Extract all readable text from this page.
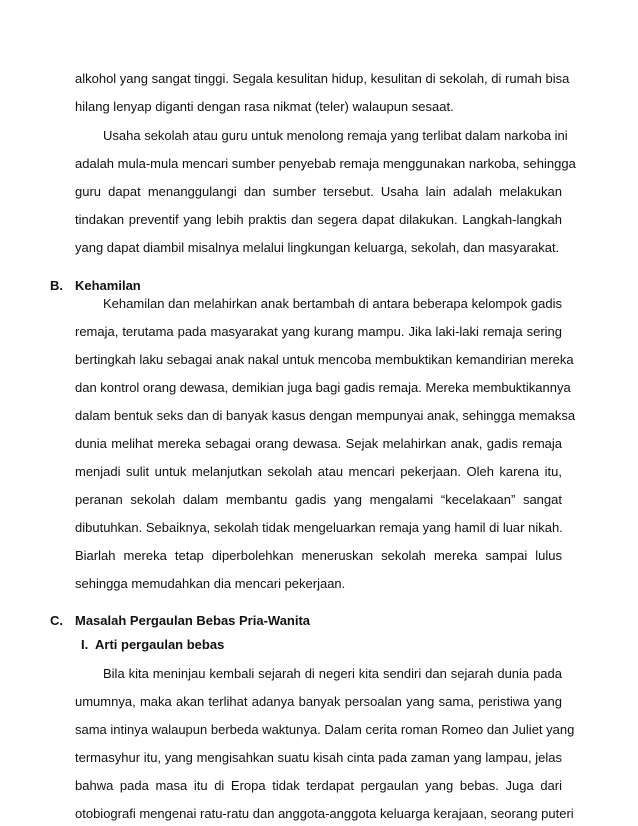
alkohol yang sangat tinggi. Segala kesulitan hidup, kesulitan di sekolah, di rumah bisa
hilang lenyap diganti dengan rasa nikmat (teler) walaupun sesaat.
Usaha sekolah atau guru untuk menolong remaja yang terlibat dalam narkoba ini
adalah mula-mula mencari sumber penyebab remaja menggunakan narkoba, sehingga
guru dapat menanggulangi dan sumber tersebut. Usaha lain adalah melakukan
tindakan preventif yang lebih praktis dan segera dapat dilakukan. Langkah-langkah
yang dapat diambil misalnya melalui lingkungan keluarga, sekolah, dan masyarakat.
B. Kehamilan
Kehamilan dan melahirkan anak bertambah di antara beberapa kelompok gadis
remaja, terutama pada masyarakat yang kurang mampu. Jika laki-laki remaja sering
bertingkah laku sebagai anak nakal untuk mencoba membuktikan kemandirian mereka
dan kontrol orang dewasa, demikian juga bagi gadis remaja. Mereka membuktikannya
dalam bentuk seks dan di banyak kasus dengan mempunyai anak, sehingga memaksa
dunia melihat mereka sebagai orang dewasa. Sejak melahirkan anak, gadis remaja
menjadi sulit untuk melanjutkan sekolah atau mencari pekerjaan. Oleh karena itu,
peranan sekolah dalam membantu gadis yang mengalami “kecelakaan” sangat
dibutuhkan. Sebaiknya, sekolah tidak mengeluarkan remaja yang hamil di luar nikah.
Biarlah mereka tetap diperbolehkan meneruskan sekolah mereka sampai lulus
sehingga memudahkan dia mencari pekerjaan.
C. Masalah Pergaulan Bebas Pria-Wanita
I. Arti pergaulan bebas
Bila kita meninjau kembali sejarah di negeri kita sendiri dan sejarah dunia pada
umumnya, maka akan terlihat adanya banyak persoalan yang sama, peristiwa yang
sama intinya walaupun berbeda waktunya. Dalam cerita roman Romeo dan Juliet yang
termasyhur itu, yang mengisahkan suatu kisah cinta pada zaman yang lampau, jelas
bahwa pada masa itu di Eropa tidak terdapat pergaulan yang bebas. Juga dari
otobiografi mengenai ratu-ratu dan anggota-anggota keluarga kerajaan, seorang puteri
